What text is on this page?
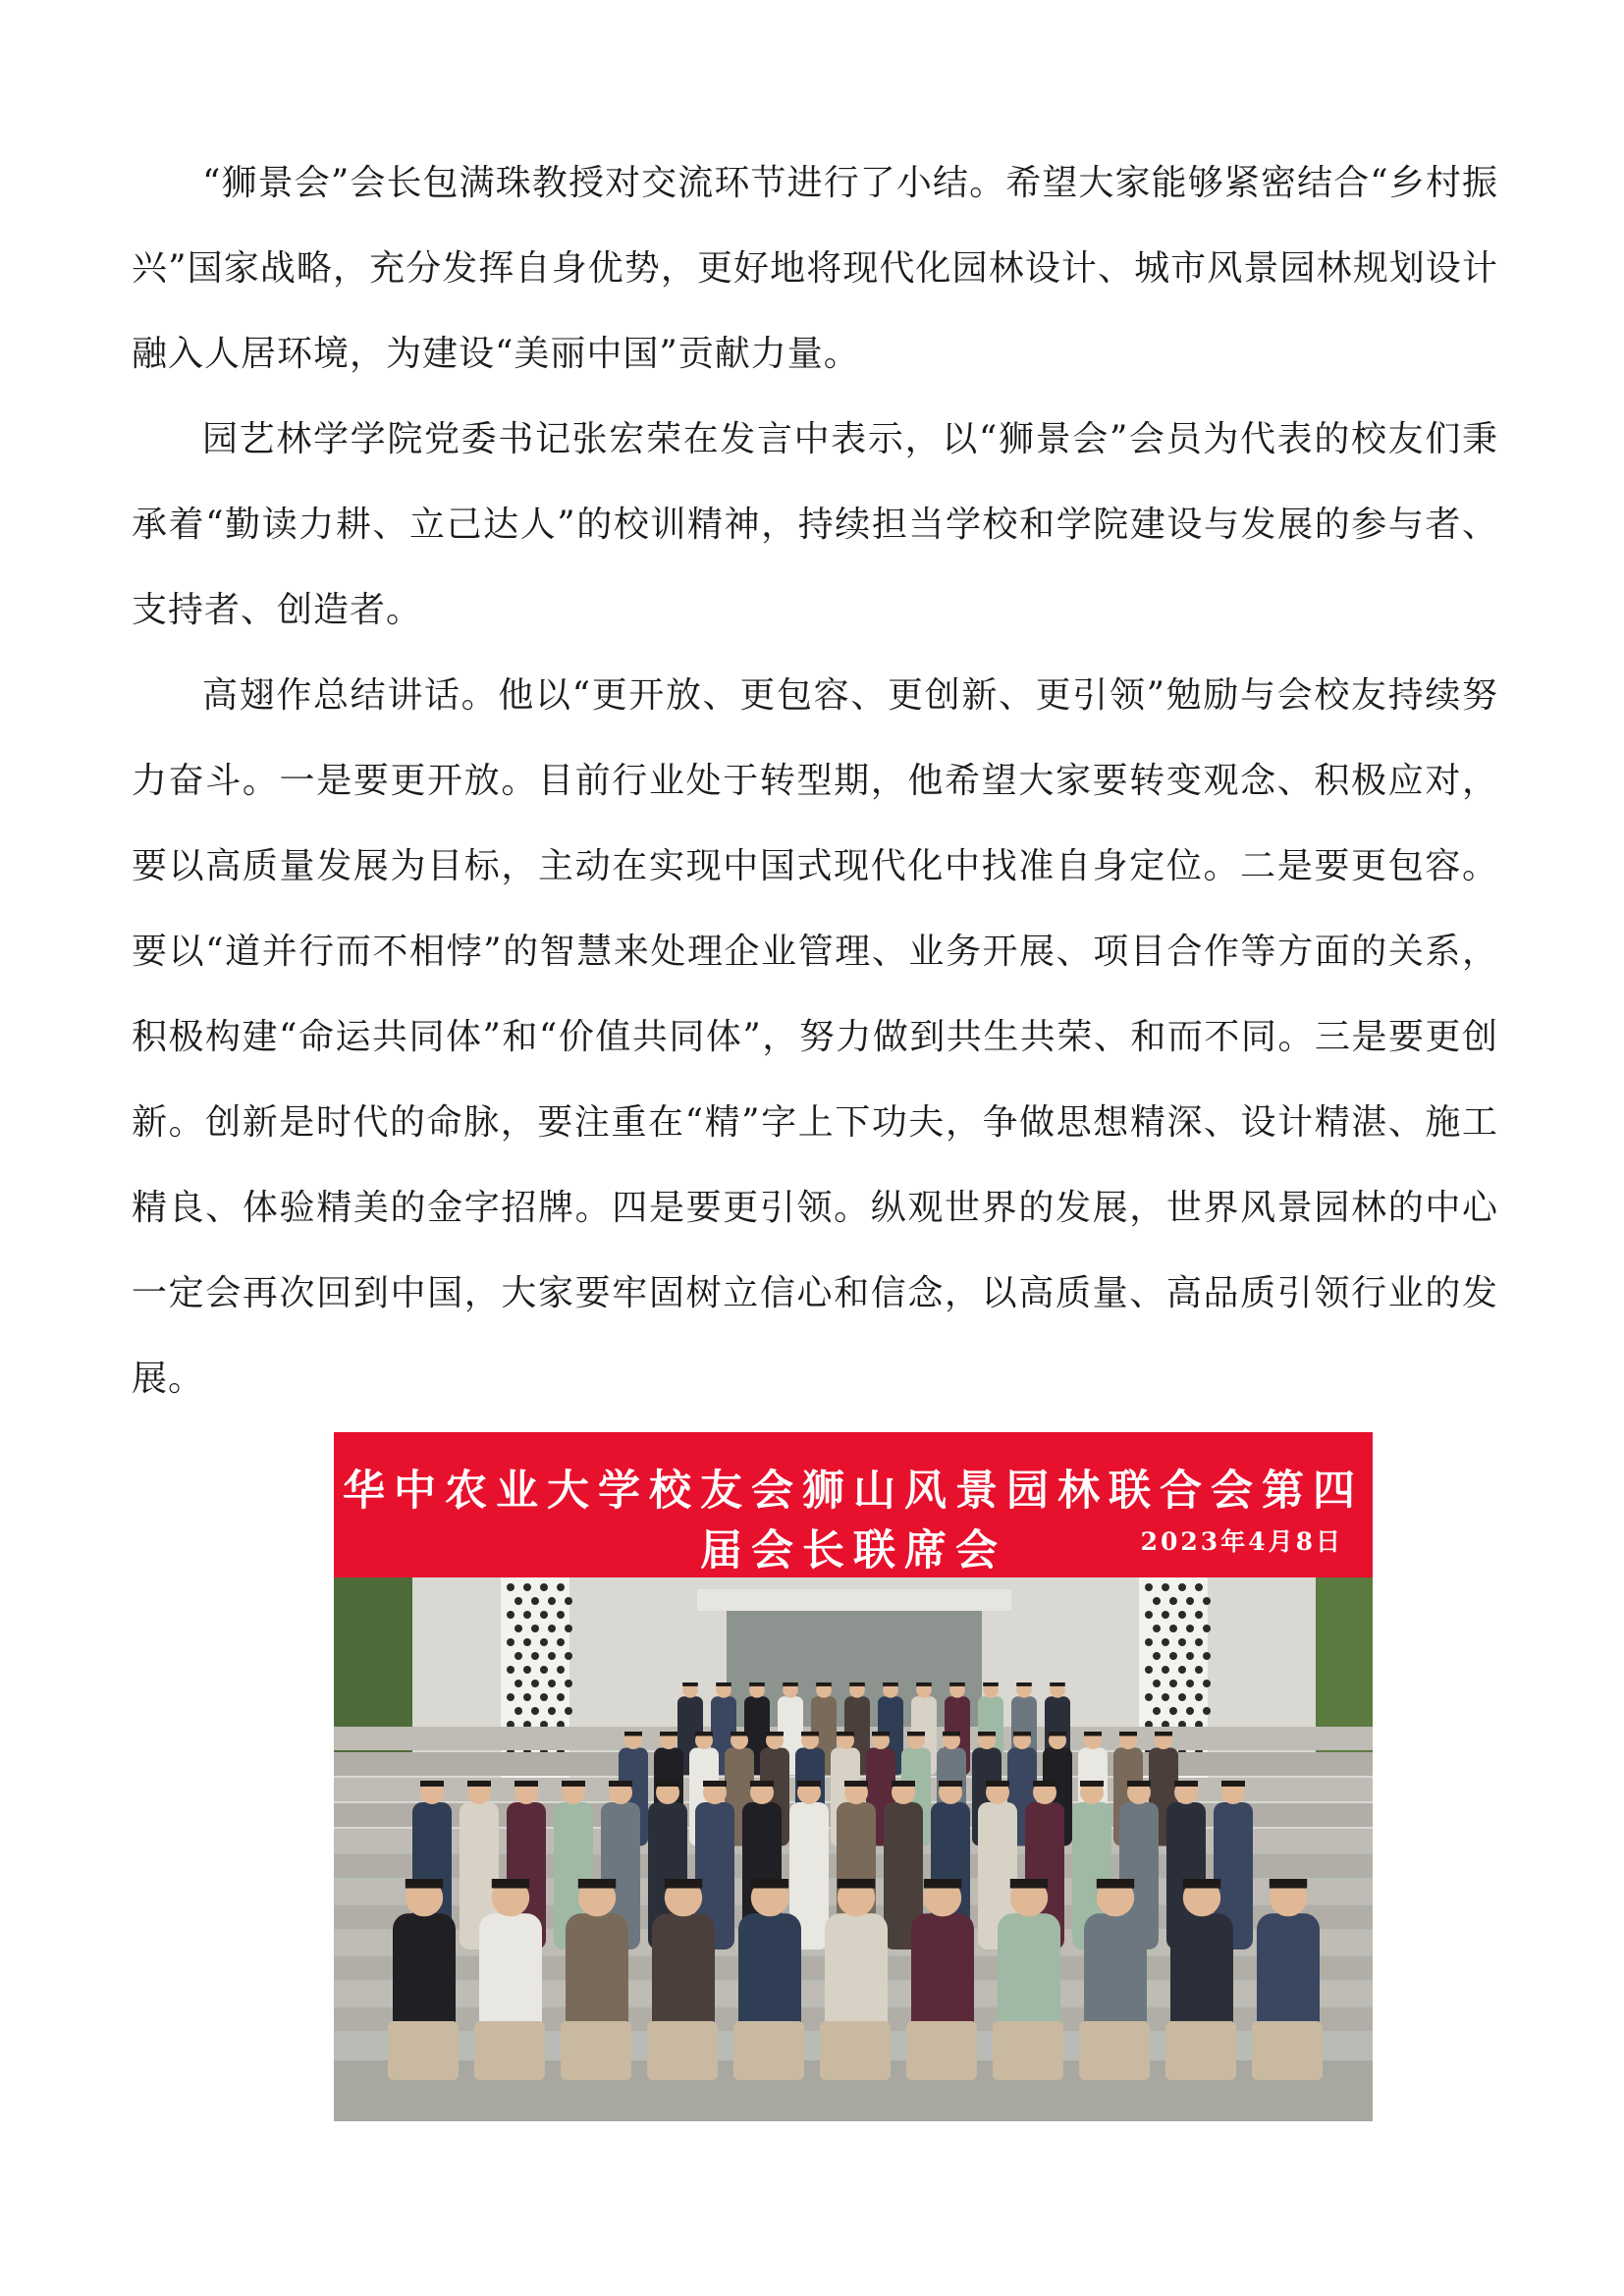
“狮景会”会长包满珠教授对交流环节进行了小结。希望大家能够紧密结合“乡村振兴”国家战略，充分发挥自身优势，更好地将现代化园林设计、城市风景园林规划设计融入人居环境，为建设“美丽中国”贡献力量。

园艺林学学院党委书记张宏荣在发言中表示，以“狮景会”会员为代表的校友们秉承着“勤读力耕、立己达人”的校训精神，持续担当学校和学院建设与发展的参与者、支持者、创造者。

高翅作总结讲话。他以“更开放、更包容、更创新、更引领”勉励与会校友持续努力奋斗。一是要更开放。目前行业处于转型期，他希望大家要转变观念、积极应对，要以高质量发展为目标，主动在实现中国式现代化中找准自身定位。二是要更包容。要以“道并行而不相悖”的智慧来处理企业管理、业务开展、项目合作等方面的关系，积极构建“命运共同体”和“价值共同体”，努力做到共生共荣、和而不同。三是要更创新。创新是时代的命脉，要注重在“精”字上下功夫，争做思想精深、设计精湛、施工精良、体验精美的金字招牌。四是要更引领。纵观世界的发展，世界风景园林的中心一定会再次回到中国，大家要牢固树立信心和信念，以高质量、高品质引领行业的发展。

华中农业大学校友会狮山风景园林联合会第四届会长联席会	2023年4月8日
